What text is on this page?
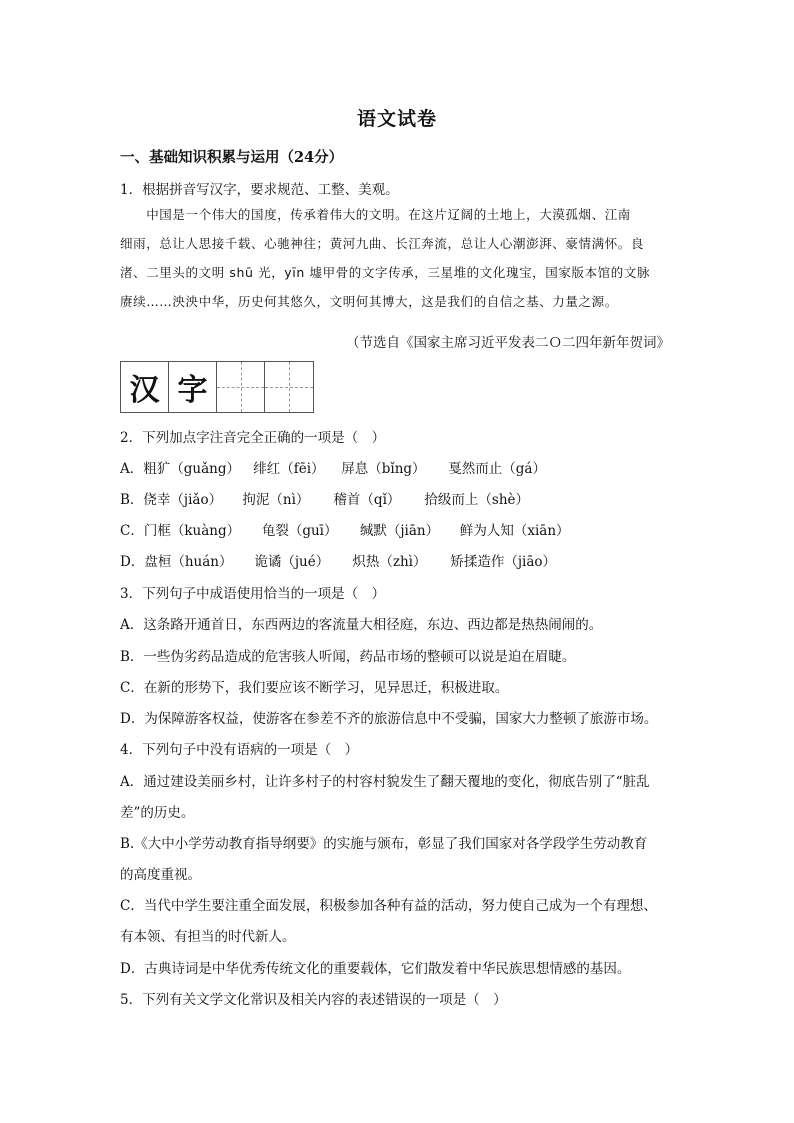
语文试卷
一、基础知识积累与运用（24分）
1．根据拼音写汉字，要求规范、工整、美观。
　　中国是一个伟大的国度，传承着伟大的文明。在这片辽阔的土地上，大漠孤烟、江南
细雨，总让人思接千载、心驰神往；黄河九曲、长江奔流，总让人心潮澎湃、豪情满怀。良
渚、二里头的文明 shū 光，yīn 墟甲骨的文字传承，三星堆的文化瑰宝，国家版本馆的文脉
赓续……泱泱中华，历史何其悠久，文明何其博大，这是我们的自信之基、力量之源。
（节选自《国家主席习近平发表二Ｏ二四年新年贺词》
汉 字
2．下列加点字注音完全正确的一项是（　）
A．粗犷（guǎng） 绯红（fēi） 屏息（bǐng） 戛然而止（gá）
B．侥幸（jiǎo） 拘泥（nì） 稽首（qǐ） 拾级而上（shè）
C．门框（kuàng） 龟裂（guī） 缄默（jiān） 鲜为人知（xiān）
D．盘桓（huán） 诡谲（jué） 炽热（zhì） 矫揉造作（jiāo）
3．下列句子中成语使用恰当的一项是（　）
A．这条路开通首日，东西两边的客流量大相径庭，东边、西边都是热热闹闹的。
B．一些伪劣药品造成的危害骇人听闻，药品市场的整顿可以说是迫在眉睫。
C．在新的形势下，我们要应该不断学习，见异思迁，积极进取。
D．为保障游客权益，使游客在参差不齐的旅游信息中不受骗，国家大力整顿了旅游市场。
4．下列句子中没有语病的一项是（　）
A．通过建设美丽乡村，让许多村子的村容村貌发生了翻天覆地的变化，彻底告别了“脏乱
差”的历史。
B.《大中小学劳动教育指导纲要》的实施与颁布，彰显了我们国家对各学段学生劳动教育
的高度重视。
C．当代中学生要注重全面发展，积极参加各种有益的活动，努力使自己成为一个有理想、
有本领、有担当的时代新人。
D．古典诗词是中华优秀传统文化的重要载体，它们散发着中华民族思想情感的基因。
5．下列有关文学文化常识及相关内容的表述错误的一项是（　）
